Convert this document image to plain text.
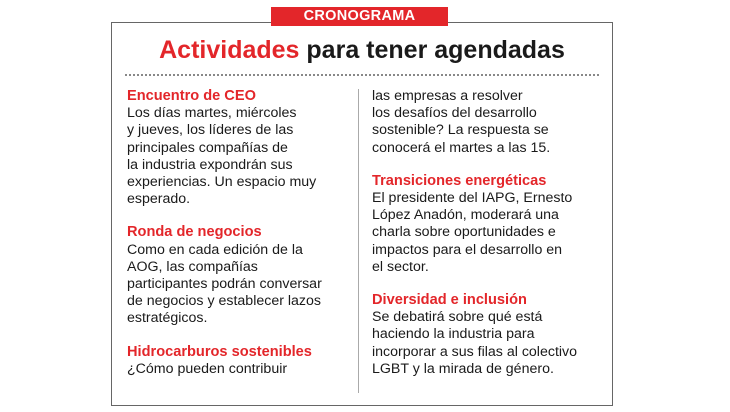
CRONOGRAMA
Actividades para tener agendadas
Encuentro de CEO

Los días martes, miércoles
y jueves, los líderes de las
principales compañías de
la industria expondrán sus
experiencias. Un espacio muy
esperado.

Ronda de negocios

Como en cada edición de la
AOG, las compañías
participantes podrán conversar
de negocios y establecer lazos
estratégicos.

Hidrocarburos sostenibles

¿Cómo pueden contribuir

las empresas a resolver
los desafíos del desarrollo
sostenible? La respuesta se
conocerá el martes a las 15.

Transiciones energéticas

El presidente del IAPG, Ernesto
López Anadón, moderará una
charla sobre oportunidades e
impactos para el desarrollo en
el sector.

Diversidad e inclusión

Se debatirá sobre qué está
haciendo la industria para
incorporar a sus filas al colectivo
LGBT y la mirada de género.
